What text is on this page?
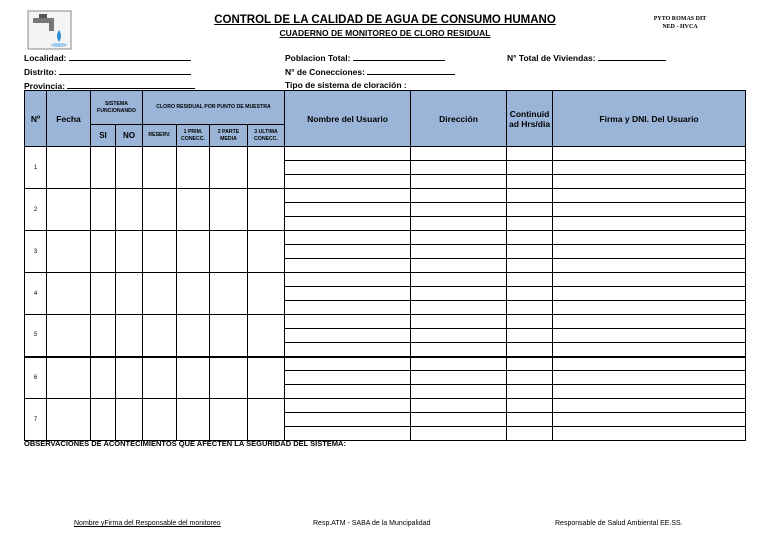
CONTROL DE LA CALIDAD DE AGUA DE CONSUMO HUMANO
CUADERNO DE MONITOREO DE CLORO RESIDUAL
PYTO ROMAS DIT
NED - HVCA
Localidad:
Distrito:
Provincia:
Poblacion Total:
N° de Conecciones:
Tipo de sistema de cloración :
N° Total de Viviendas:
Nº	Fecha	SISTEMA FUNCIONANDO		CLORO RESIDUAL POR PUNTO DE MUESTRA				Nombre del Usuario	Dirección	Continuid ad Hrs/dia	Firma y DNI. Del Usuario
		SI	NO	RESERV.	1 PRIM. CONECC.	2 PARTE MEDIA	3 ULTIMA CONECC.				
1											

2											

3											

4											

5											

6											

7											

OBSERVACIONES DE ACONTECIMIENTOS QUE AFECTEN LA SEGURIDAD DEL SISTEMA:
Nombre yFirma del Responsable del monitoreo	Resp.ATM - SABA de la Muncipalidad	Responsable de Salud Ambiental EE.SS.
